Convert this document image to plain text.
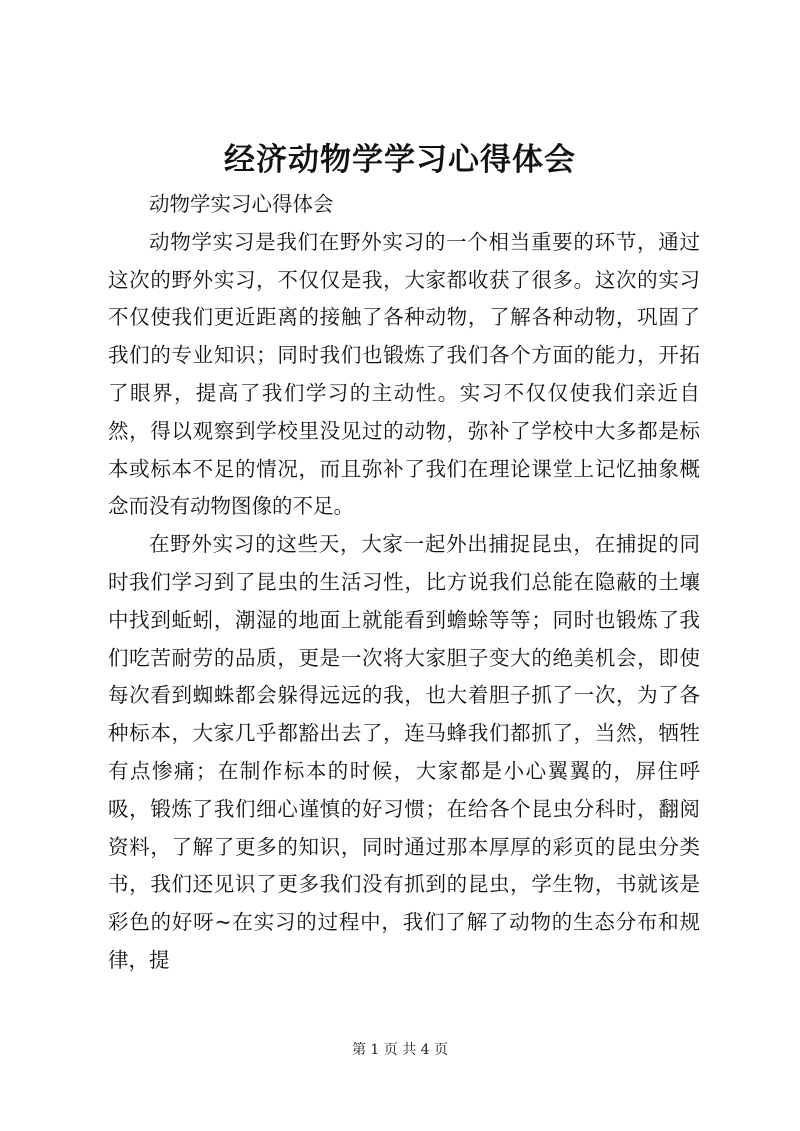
经济动物学学习心得体会

动物学实习心得体会

动物学实习是我们在野外实习的一个相当重要的环节，通过这次的野外实习，不仅仅是我，大家都收获了很多。这次的实习不仅使我们更近距离的接触了各种动物，了解各种动物，巩固了我们的专业知识；同时我们也锻炼了我们各个方面的能力，开拓了眼界，提高了我们学习的主动性。实习不仅仅使我们亲近自然，得以观察到学校里没见过的动物，弥补了学校中大多都是标本或标本不足的情况，而且弥补了我们在理论课堂上记忆抽象概念而没有动物图像的不足。

在野外实习的这些天，大家一起外出捕捉昆虫，在捕捉的同时我们学习到了昆虫的生活习性，比方说我们总能在隐蔽的土壤中找到蚯蚓，潮湿的地面上就能看到蟾蜍等等；同时也锻炼了我们吃苦耐劳的品质，更是一次将大家胆子变大的绝美机会，即使每次看到蜘蛛都会躲得远远的我，也大着胆子抓了一次，为了各种标本，大家几乎都豁出去了，连马蜂我们都抓了，当然，牺牲有点惨痛；在制作标本的时候，大家都是小心翼翼的，屏住呼吸，锻炼了我们细心谨慎的好习惯；在给各个昆虫分科时，翻阅资料，了解了更多的知识，同时通过那本厚厚的彩页的昆虫分类书，我们还见识了更多我们没有抓到的昆虫，学生物，书就该是彩色的好呀~在实习的过程中，我们了解了动物的生态分布和规律，提

第 1 页 共 4 页
